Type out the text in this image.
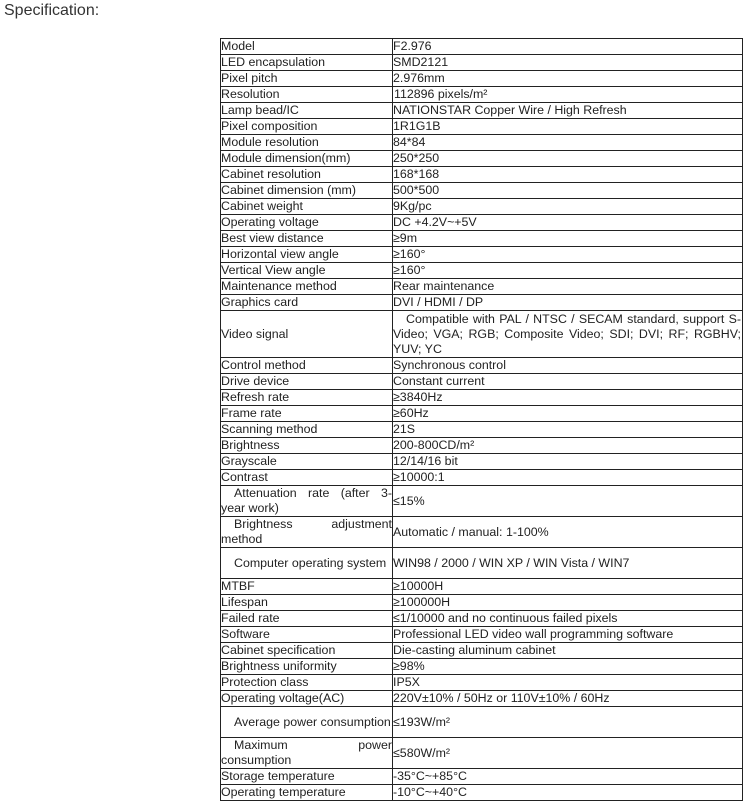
Specification:
Model	F2.976
LED encapsulation	SMD2121
Pixel pitch	2.976mm
Resolution	112896 pixels/m²
Lamp bead/IC	NATIONSTAR Copper Wire / High Refresh
Pixel composition	1R1G1B
Module resolution	84*84
Module dimension(mm)	250*250
Cabinet resolution	168*168
Cabinet dimension (mm)	500*500
Cabinet weight	9Kg/pc
Operating voltage	DC +4.2V~+5V
Best view distance	≥9m
Horizontal view angle	≥160°
Vertical View angle	≥160°
Maintenance method	Rear maintenance
Graphics card	DVI / HDMI / DP
Video signal	Compatible with PAL / NTSC / SECAM standard, support S-Video; VGA; RGB; Composite Video; SDI; DVI; RF; RGBHV; YUV; YC
Control method	Synchronous control
Drive device	Constant current
Refresh rate	≥3840Hz
Frame rate	≥60Hz
Scanning method	21S
Brightness	200-800CD/m²
Grayscale	12/14/16 bit
Contrast	≥10000:1
Attenuation rate (after 3-year work)	≤15%
Brightness adjustment method	Automatic / manual: 1-100%
Computer operating system	WIN98 / 2000 / WIN XP / WIN Vista / WIN7
MTBF	≥10000H
Lifespan	≥100000H
Failed rate	≤1/10000 and no continuous failed pixels
Software	Professional LED video wall programming software
Cabinet specification	Die-casting aluminum cabinet
Brightness uniformity	≥98%
Protection class	IP5X
Operating voltage(AC)	220V±10% / 50Hz or 110V±10% / 60Hz
Average power consumption	≤193W/m²
Maximum power consumption	≤580W/m²
Storage temperature	-35°C~+85°C
Operating temperature	-10°C~+40°C
